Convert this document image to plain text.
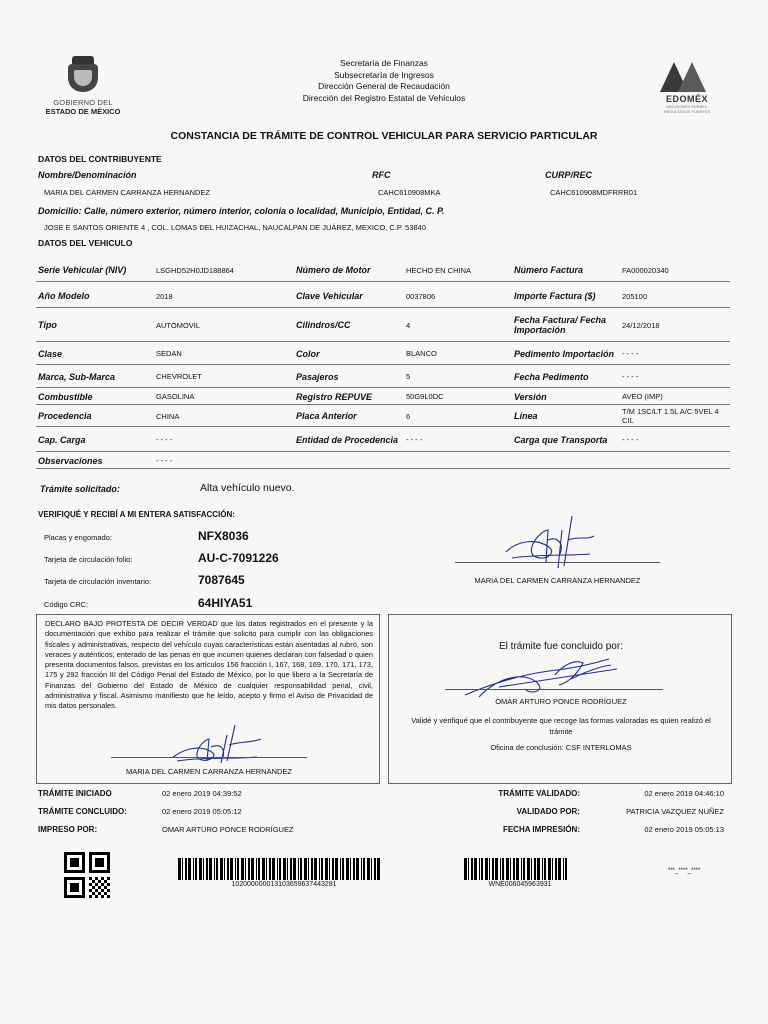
GOBIERNO DEL
ESTADO DE MÉXICO
Secretaría de Finanzas
Subsecretaría de Ingresos
Dirección General de Recaudación
Dirección del Registro Estatal de Vehículos	EDOMÉX
DECISIONES FIRMES,
RESULTADOS FUERTES
CONSTANCIA DE TRÁMITE DE CONTROL VEHICULAR PARA SERVICIO PARTICULAR
DATOS DEL CONTRIBUYENTE
Nombre/Denominación	RFC	CURP/REC
MARIA DEL CARMEN CARRANZA HERNANDEZ	CAHC610908MKA	CAHC610908MDFRRR01
Domicilio: Calle, número exterior, número interior, colonia o localidad, Municipio, Entidad, C. P.
JOSE E SANTOS ORIENTE 4 , COL. LOMAS DEL HUIZACHAL, NAUCALPAN DE JUÁREZ, MEXICO, C.P. 53840
DATOS DEL VEHICULO
Serie Vehicular (NIV)	LSGHD52H0JD188864	Número de Motor	HECHO EN CHINA	Número Factura	FA000020340
Año Modelo	2018	Clave Vehicular	0037806	Importe Factura ($)	205100
Tipo	AUTOMOVIL	Cilindros/CC	4	Fecha Factura/ Fecha Importación	24/12/2018
Clase	SEDAN	Color	BLANCO	Pedimento Importación	- - - -
Marca, Sub-Marca	CHEVROLET	Pasajeros	5	Fecha Pedimento	- - - -
Combustible	GASOLINA	Registro REPUVE	50G9L0DC	Versión	AVEO (IMP)
Procedencia	CHINA	Placa Anterior	6	Línea	T/M 1SC/LT 1.5L A/C 5VEL 4 CIL
Cap. Carga	- - - -	Entidad de Procedencia	- - - -	Carga que Transporta	- - - -
Observaciones	- - - -
Trámite solicitado:	Alta vehículo nuevo.
VERIFIQUÉ Y RECIBÍ A MI ENTERA SATISFACCIÓN:
Placas y engomado:	NFX8036
Tarjeta de circulación folio:	AU-C-7091226
Tarjeta de circulación inventario:	7087645
Código CRC:	64HIYA51
MARIA DEL CARMEN CARRANZA HERNANDEZ
DECLARO BAJO PROTESTA DE DECIR VERDAD que los datos registrados en el presente y la documentación que exhibo para realizar el trámite que solicito para cumplir con las obligaciones fiscales y administrativas, respecto del vehículo cuyas características están asentadas al rubro, son veraces y auténticos; enterado de las penas en que incurren quienes declaran con falsedad o quien presenta documentos falsos, previstas en los artículos 156 fracción I, 167, 168, 169, 170, 171, 173, 175 y 292 fracción III del Código Penal del Estado de México, por lo que libero a la Secretaría de Finanzas del Gobierno del Estado de México de cualquier responsabilidad penal, civil, administrativa y fiscal. Asimismo manifiesto que he leído, acepto y firmo el Aviso de Privacidad de mis datos personales.
MARIA DEL CARMEN CARRANZA HERNANDEZ
El trámite fue concluido por:
OMAR ARTURO PONCE RODRÍGUEZ
Validé y verifiqué que el contribuyente que recoge las formas valoradas es quien realizó el trámite
Oficina de conclusión: CSF INTERLOMAS
TRÁMITE INICIADO	02 enero 2019 04:39:52
TRÁMITE CONCLUIDO:	02 enero 2019 05:05:12
IMPRESO POR:	OMAR ARTURO PONCE RODRÍGUEZ
TRÁMITE VALIDADO:	02 enero 2019 04:46:10
VALIDADO POR:	PATRICIA VAZQUEZ NUÑEZ
FECHA IMPRESIÓN:	02 enero 2019 05:05:13
10200000001310365963744328​1	WNE006045963931
***_****_****
